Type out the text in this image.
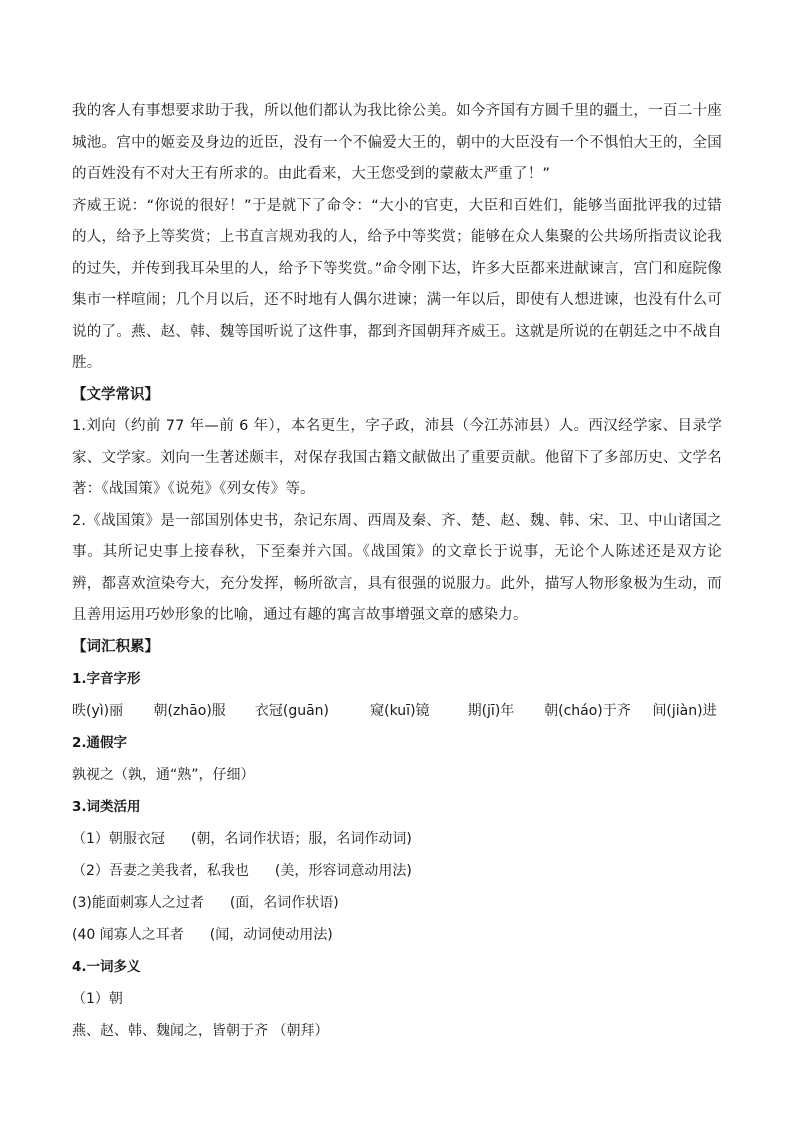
我的客人有事想要求助于我，所以他们都认为我比徐公美。如今齐国有方圆千里的疆土，一百二十座城池。宫中的姬妾及身边的近臣，没有一个不偏爱大王的，朝中的大臣没有一个不惧怕大王的，全国的百姓没有不对大王有所求的。由此看来，大王您受到的蒙蔽太严重了！”

齐威王说：“你说的很好！”于是就下了命令：“大小的官吏，大臣和百姓们，能够当面批评我的过错的人，给予上等奖赏；上书直言规劝我的人，给予中等奖赏；能够在众人集聚的公共场所指责议论我的过失，并传到我耳朵里的人，给予下等奖赏。”命令刚下达，许多大臣都来进献谏言，宫门和庭院像集市一样喧闹；几个月以后，还不时地有人偶尔进谏；满一年以后，即使有人想进谏，也没有什么可说的了。燕、赵、韩、魏等国听说了这件事，都到齐国朝拜齐威王。这就是所说的在朝廷之中不战自胜。

【文学常识】

1.刘向（约前 77 年—前 6 年），本名更生，字子政，沛县（今江苏沛县）人。西汉经学家、目录学家、文学家。刘向一生著述颇丰，对保存我国古籍文献做出了重要贡献。他留下了多部历史、文学名著：《战国策》《说苑》《列女传》等。

2.《战国策》是一部国别体史书，杂记东周、西周及秦、齐、楚、赵、魏、韩、宋、卫、中山诸国之事。其所记史事上接春秋，下至秦并六国。《战国策》的文章长于说事，无论个人陈述还是双方论辨，都喜欢渲染夸大，充分发挥，畅所欲言，具有很强的说服力。此外，描写人物形象极为生动，而且善用运用巧妙形象的比喻，通过有趣的寓言故事增强文章的感染力。

【词汇积累】

1.字音字形

昳(yì)丽	朝(zhāo)服	衣冠(guān)	窥(kuī)镜	期(jī)年	朝(cháo)于齐	间(jiàn)进

2.通假字

孰视之（孰，通“熟”，仔细）

3.词类活用

（1）朝服衣冠 (朝，名词作状语；服，名词作动词)

（2）吾妻之美我者，私我也 (美，形容词意动用法)

(3)能面刺寡人之过者 (面，名词作状语)

(40 闻寡人之耳者 (闻，动词使动用法)

4.一词多义

（1）朝

燕、赵、韩、魏闻之，皆朝于齐 （朝拜）
